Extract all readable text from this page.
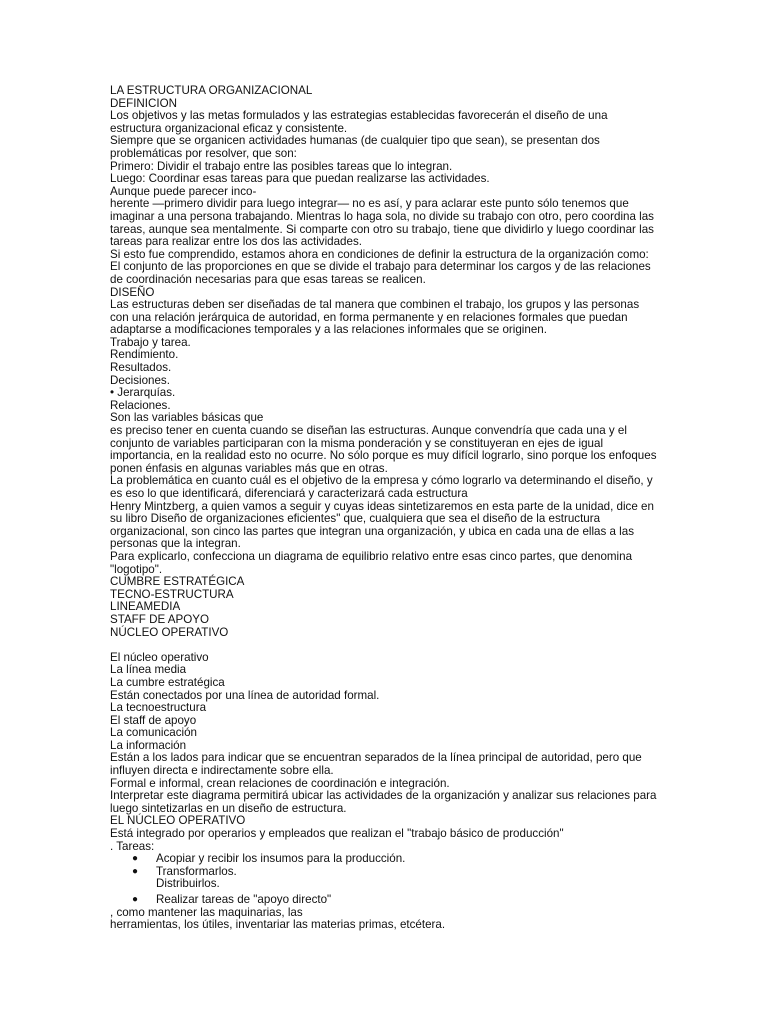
LA ESTRUCTURA ORGANIZACIONAL
DEFINICION
Los objetivos y las metas formulados y las estrategias establecidas favorecerán el diseño de una
estructura organizacional eficaz y consistente.
Siempre que se organicen actividades humanas (de cualquier tipo que sean), se presentan dos
problemáticas por resolver, que son:
Primero: Dividir el trabajo entre las posibles tareas que lo integran.
Luego: Coordinar esas tareas para que puedan realizarse las actividades.
Aunque puede parecer inco-
herente —primero dividir para luego integrar— no es así, y para aclarar este punto sólo tenemos que
imaginar a una persona trabajando. Mientras lo haga sola, no divide su trabajo con otro, pero coordina las
tareas, aunque sea mentalmente. Si comparte con otro su trabajo, tiene que dividirlo y luego coordinar las
tareas para realizar entre los dos las actividades.
Si esto fue comprendido, estamos ahora en condiciones de definir la estructura de la organización como:
El conjunto de las proporciones en que se divide el trabajo para determinar los cargos y de las relaciones
de coordinación necesarias para que esas tareas se realicen.
DISEÑO
Las estructuras deben ser diseñadas de tal manera que combinen el trabajo, los grupos y las personas
con una relación jerárquica de autoridad, en forma permanente y en relaciones formales que puedan
adaptarse a modificaciones temporales y a las relaciones informales que se originen.
Trabajo y tarea.
Rendimiento.
Resultados.
Decisiones.
• Jerarquías.
Relaciones.
Son las variables básicas que
es preciso tener en cuenta cuando se diseñan las estructuras. Aunque convendría que cada una y el
conjunto de variables participaran con la misma ponderación y se constituyeran en ejes de igual
importancia, en la realidad esto no ocurre. No sólo porque es muy difícil lograrlo, sino porque los enfoques
ponen énfasis en algunas variables más que en otras.
La problemática en cuanto cuál es el objetivo de la empresa y cómo lograrlo va determinando el diseño, y
es eso lo que identificará, diferenciará y caracterizará cada estructura
Henry Mintzberg, a quien vamos a seguir y cuyas ideas sintetizaremos en esta parte de la unidad, dice en
su libro Diseño de organizaciones eficientes" que, cualquiera que sea el diseño de la estructura
organizacional, son cinco las partes que integran una organización, y ubica en cada una de ellas a las
personas que la integran.
Para explicarlo, confecciona un diagrama de equilibrio relativo entre esas cinco partes, que denomina
"logotipo".
CUMBRE ESTRATÉGICA
TECNO-ESTRUCTURA
LINEAMEDIA
STAFF DE APOYO
NÚCLEO OPERATIVO
El núcleo operativo
La línea media
La cumbre estratégica
Están conectados por una línea de autoridad formal.
La tecnoestructura
El staff de apoyo
La comunicación
La información
Están a los lados para indicar que se encuentran separados de la línea principal de autoridad, pero que
influyen directa e indirectamente sobre ella.
Formal e informal, crean relaciones de coordinación e integración.
Interpretar este diagrama permitirá ubicar las actividades de la organización y analizar sus relaciones para
luego sintetizarlas en un diseño de estructura.
EL NÚCLEO OPERATIVO
Está integrado por operarios y empleados que realizan el "trabajo básico de producción"
. Tareas:
● Acopiar y recibir los insumos para la producción.
● Transformarlos.
Distribuirlos.
● Realizar tareas de "apoyo directo"
, como mantener las maquinarias, las
herramientas, los útiles, inventariar las materias primas, etcétera.
